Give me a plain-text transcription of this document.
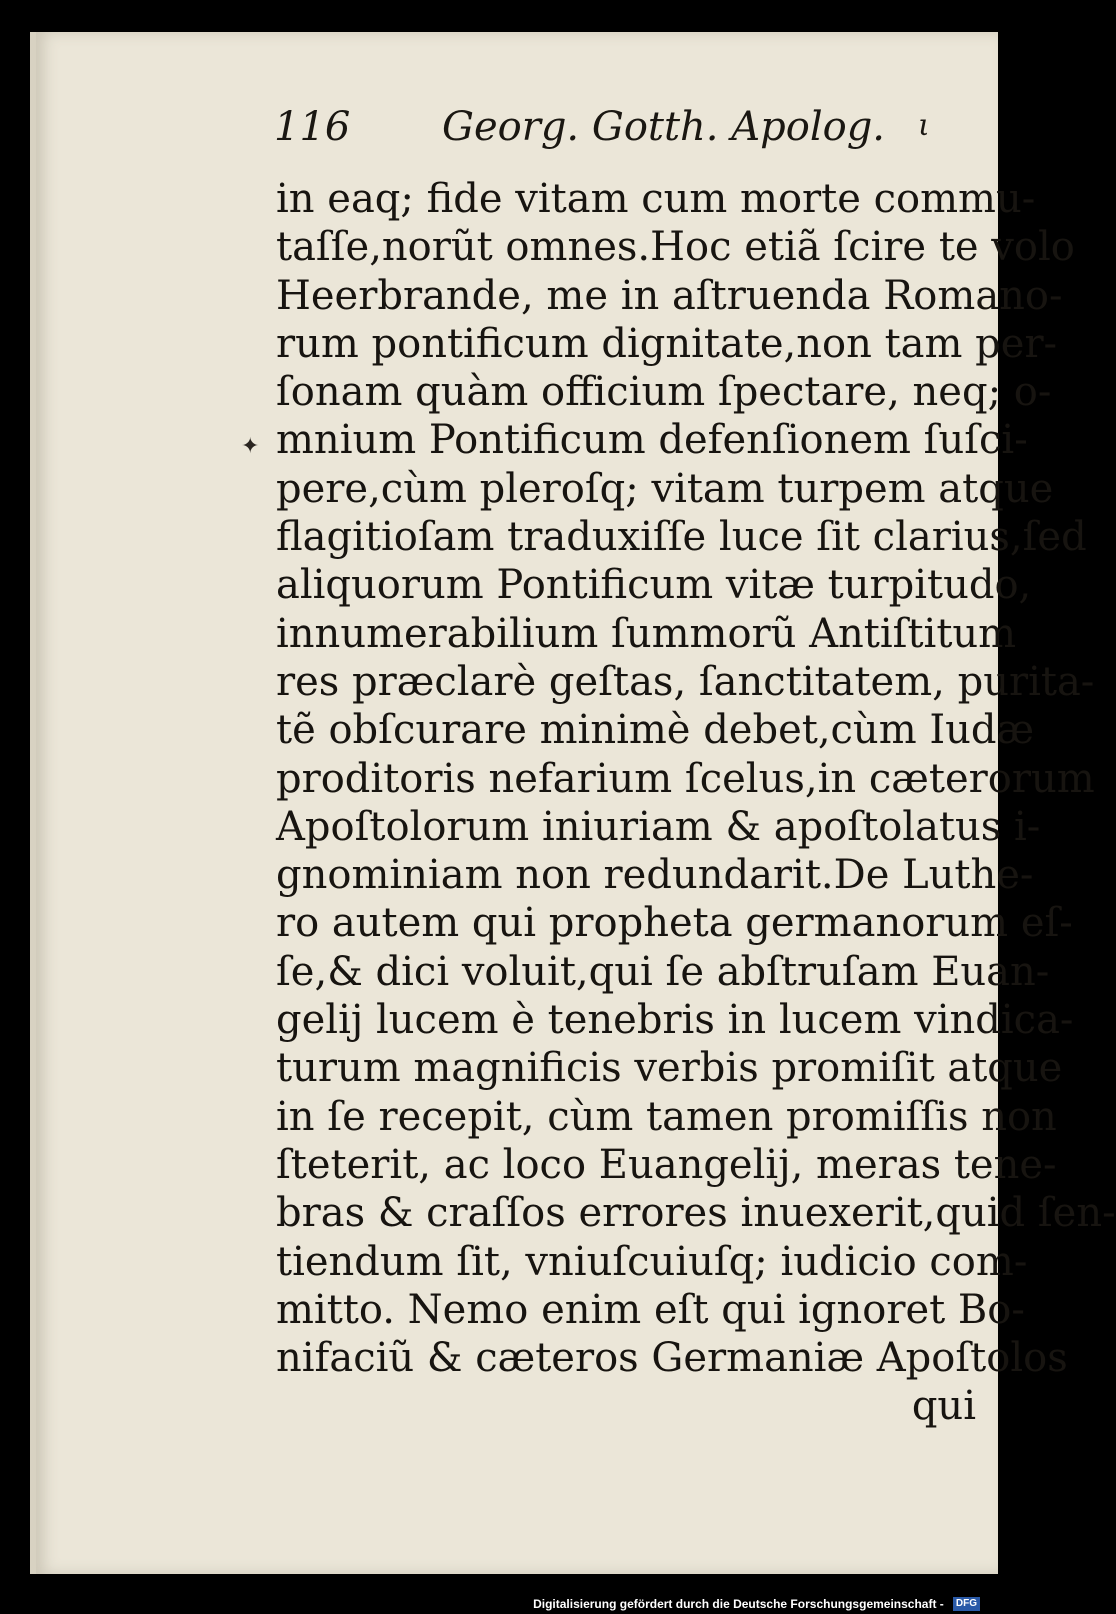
116 Georg. Gotth. Apolog. ι
✦
in eaq; fide vitam cum morte commu-
taſſe,norũt omnes.Hoc etiã ſcire te volo
Heerbrande, me in aſtruenda Romano-
rum pontificum dignitate,non tam per-
ſonam quàm officium ſpectare, neq; o-
mnium Pontificum defenſionem ſuſci-
pere,cùm pleroſq; vitam turpem atque
flagitioſam traduxiſſe luce ſit clarius,ſed
aliquorum Pontificum vitæ turpitudo,
innumerabilium ſummorũ Antiſtitum
res præclarè geſtas, ſanctitatem, purita-
tẽ obſcurare minimè debet,cùm Iudæ
proditoris nefarium ſcelus,in cæterorum
Apoſtolorum iniuriam & apoſtolatus i-
gnominiam non redundarit.De Luthe-
ro autem qui propheta germanorum eſ-
ſe,& dici voluit,qui ſe abſtruſam Euan-
gelij lucem è tenebris in lucem vindica-
turum magnificis verbis promiſit atque
in ſe recepit, cùm tamen promiſſis non
ſteterit, ac loco Euangelij, meras tene-
bras & craſſos errores inuexerit,quid ſen-
tiendum ſit, vniuſcuiuſq; iudicio com-
mitto. Nemo enim eſt qui ignoret Bo-
nifaciũ & cæteros Germaniæ Apoſtolos
qui
Digitalisierung gefördert durch die Deutsche Forschungsgemeinschaft - DFG
